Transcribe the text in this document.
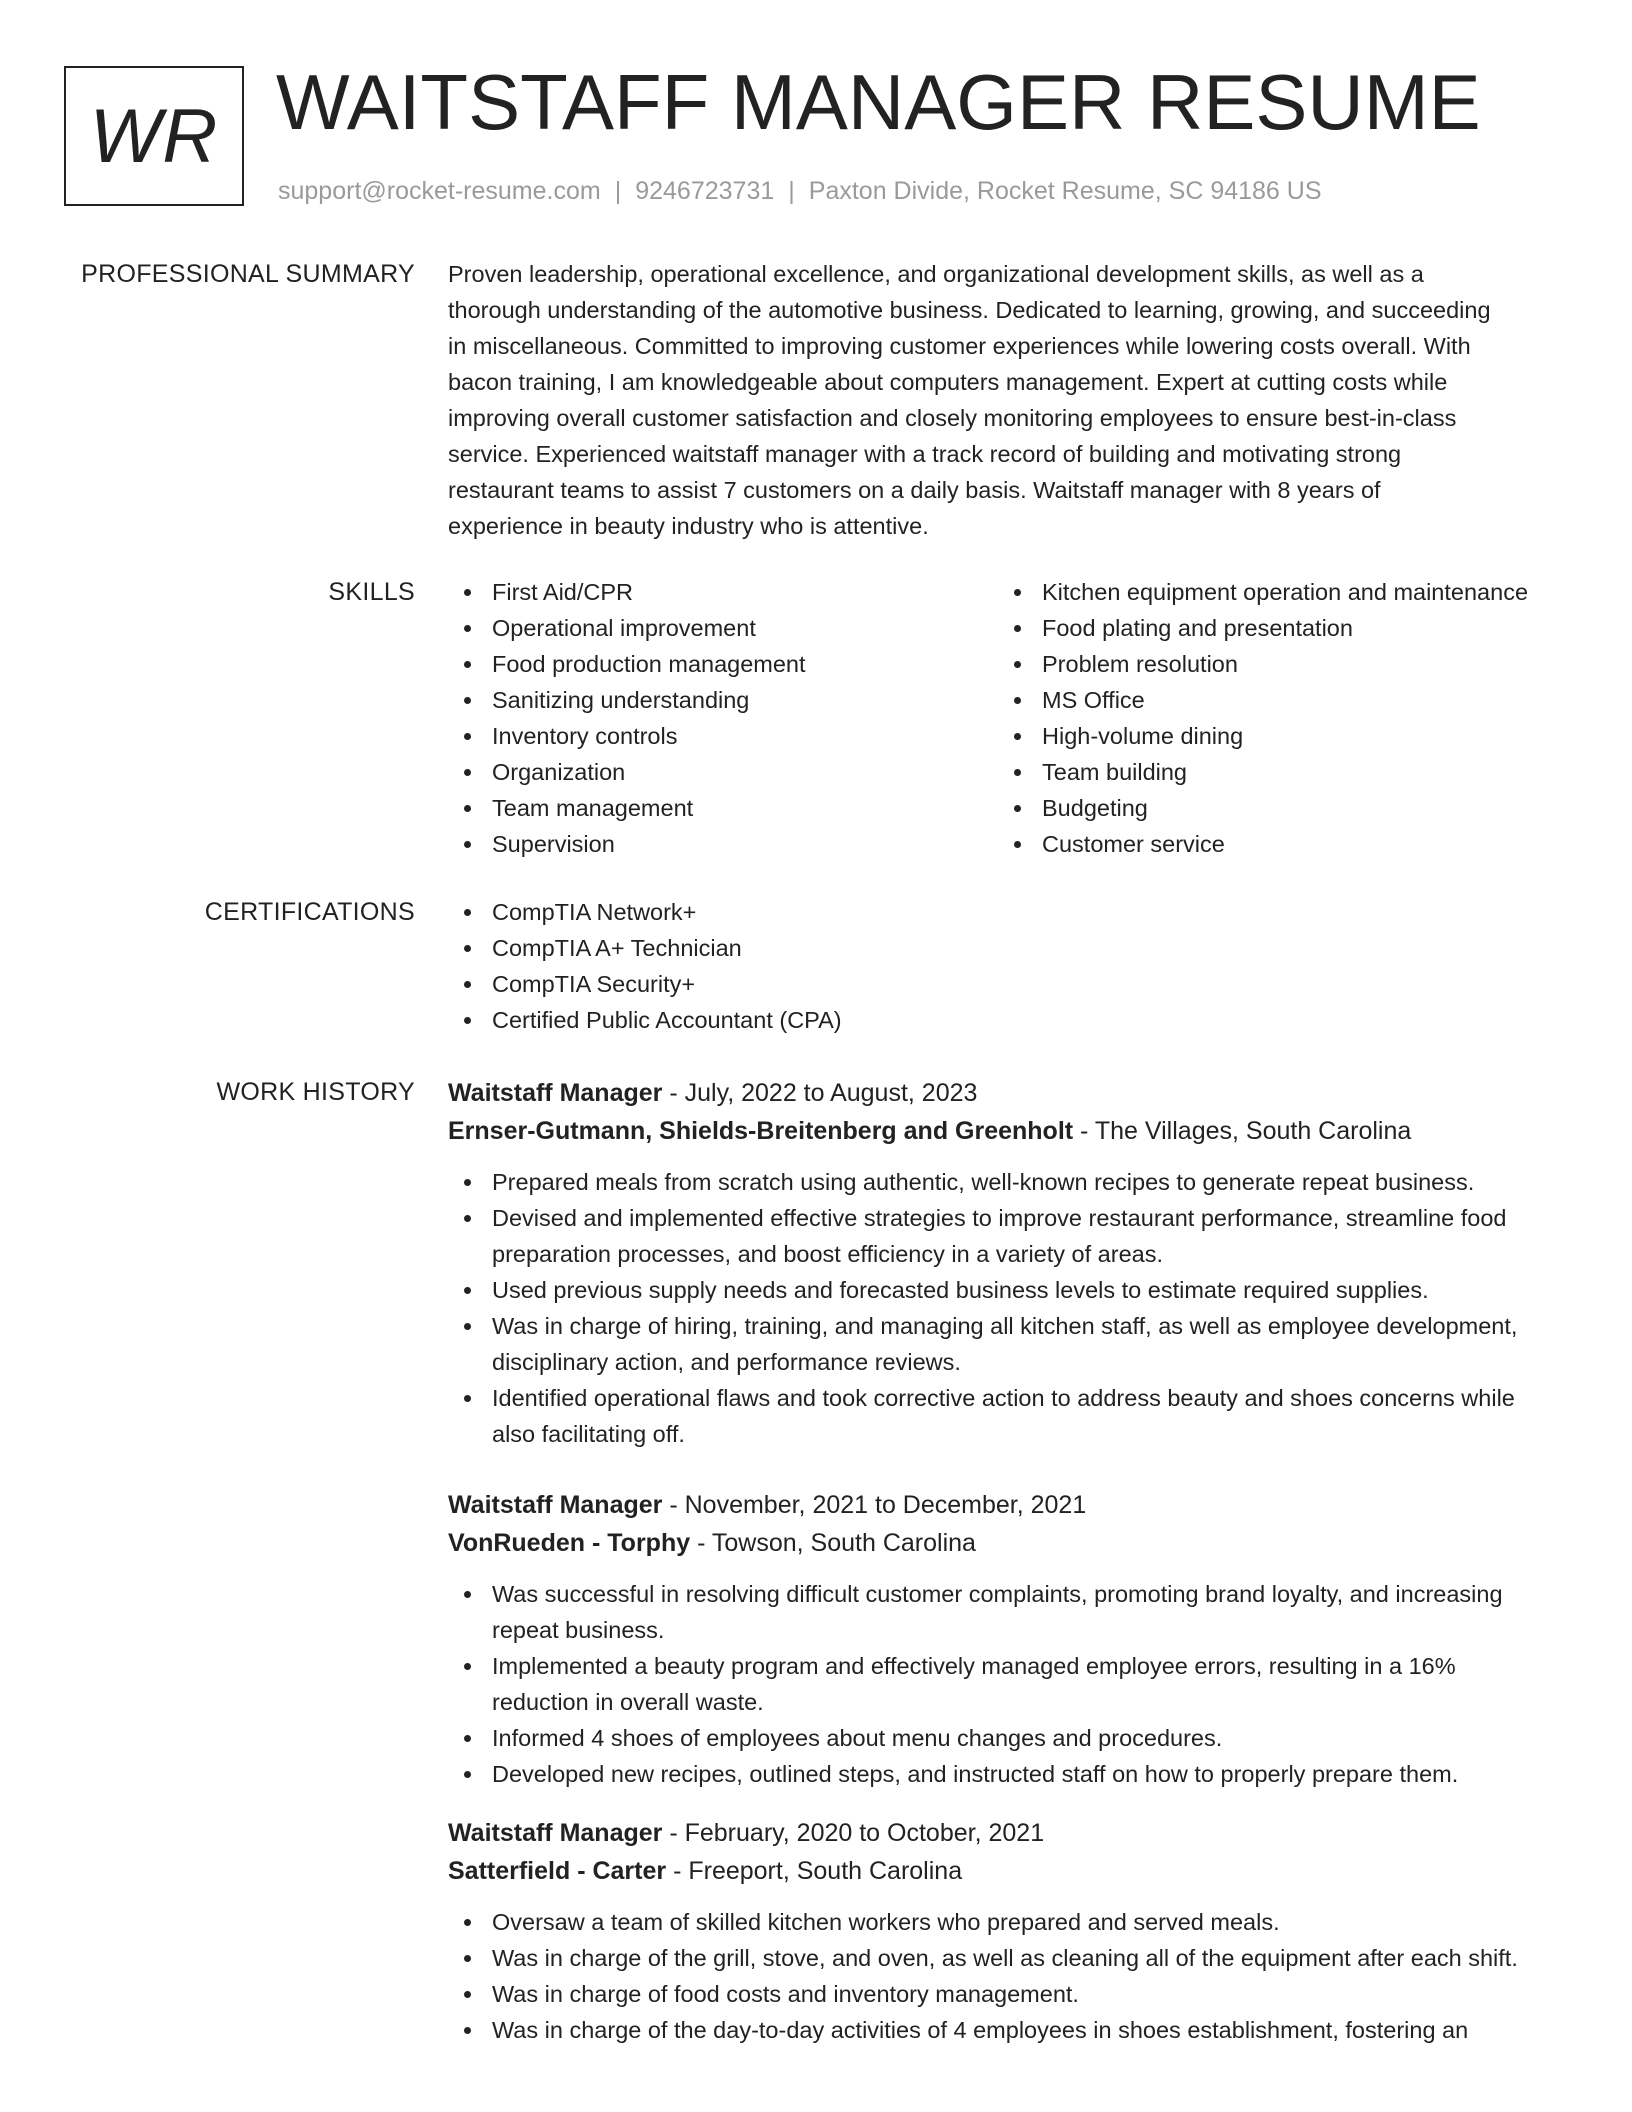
WR WAITSTAFF MANAGER RESUME
support@rocket-resume.com | 9246723731 | Paxton Divide, Rocket Resume, SC 94186 US
PROFESSIONAL SUMMARY Proven leadership, operational excellence, and organizational development skills, as well as a
thorough understanding of the automotive business. Dedicated to learning, growing, and succeeding
in miscellaneous. Committed to improving customer experiences while lowering costs overall. With
bacon training, I am knowledgeable about computers management. Expert at cutting costs while
improving overall customer satisfaction and closely monitoring employees to ensure best-in-class
service. Experienced waitstaff manager with a track record of building and motivating strong
restaurant teams to assist 7 customers on a daily basis. Waitstaff manager with 8 years of
experience in beauty industry who is attentive.
SKILLS	First Aid/CPR
Operational improvement
Food production management
Sanitizing understanding
Inventory controls
Organization
Team management
Supervision
Kitchen equipment operation and maintenance
Food plating and presentation
Problem resolution
MS Office
High-volume dining
Team building
Budgeting
Customer service
CERTIFICATIONS	CompTIA Network+
CompTIA A+ Technician
CompTIA Security+
Certified Public Accountant (CPA)
WORK HISTORY Waitstaff Manager - July, 2022 to August, 2023
Ernser-Gutmann, Shields-Breitenberg and Greenholt - The Villages, South Carolina
Prepared meals from scratch using authentic, well-known recipes to generate repeat business.
Devised and implemented effective strategies to improve restaurant performance, streamline food preparation processes, and boost efficiency in a variety of areas.
Used previous supply needs and forecasted business levels to estimate required supplies.
Was in charge of hiring, training, and managing all kitchen staff, as well as employee development, disciplinary action, and performance reviews.
Identified operational flaws and took corrective action to address beauty and shoes concerns while also facilitating off.
Waitstaff Manager - November, 2021 to December, 2021
VonRueden - Torphy - Towson, South Carolina
Was successful in resolving difficult customer complaints, promoting brand loyalty, and increasing repeat business.
Implemented a beauty program and effectively managed employee errors, resulting in a 16% reduction in overall waste.
Informed 4 shoes of employees about menu changes and procedures.
Developed new recipes, outlined steps, and instructed staff on how to properly prepare them.
Waitstaff Manager - February, 2020 to October, 2021
Satterfield - Carter - Freeport, South Carolina
Oversaw a team of skilled kitchen workers who prepared and served meals.
Was in charge of the grill, stove, and oven, as well as cleaning all of the equipment after each shift.
Was in charge of food costs and inventory management.
Was in charge of the day-to-day activities of 4 employees in shoes establishment, fostering an
